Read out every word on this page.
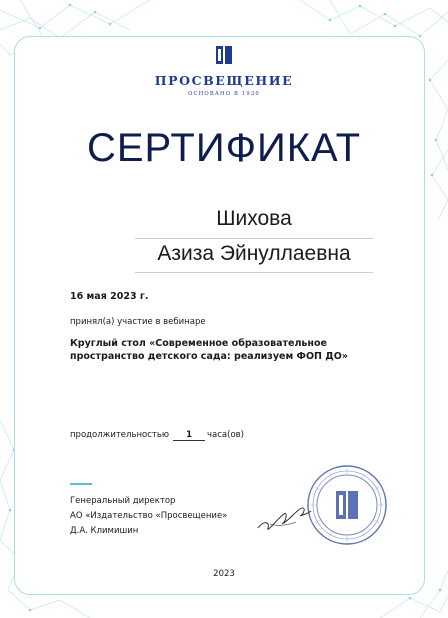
ПРОСВЕЩЕНИЕ
ОСНОВАНО В 1930
СЕРТИФИКАТ
Шихова
Азиза Эйнуллаевна
16 мая 2023 г.
принял(а) участие в вебинаре
Круглый стол «Современное образовательное пространство детского сада: реализуем ФОП ДО»
продолжительностью 1 часа(ов)
Генеральный директор
АО «Издательство «Просвещение»
Д.А. Климишин
2023
